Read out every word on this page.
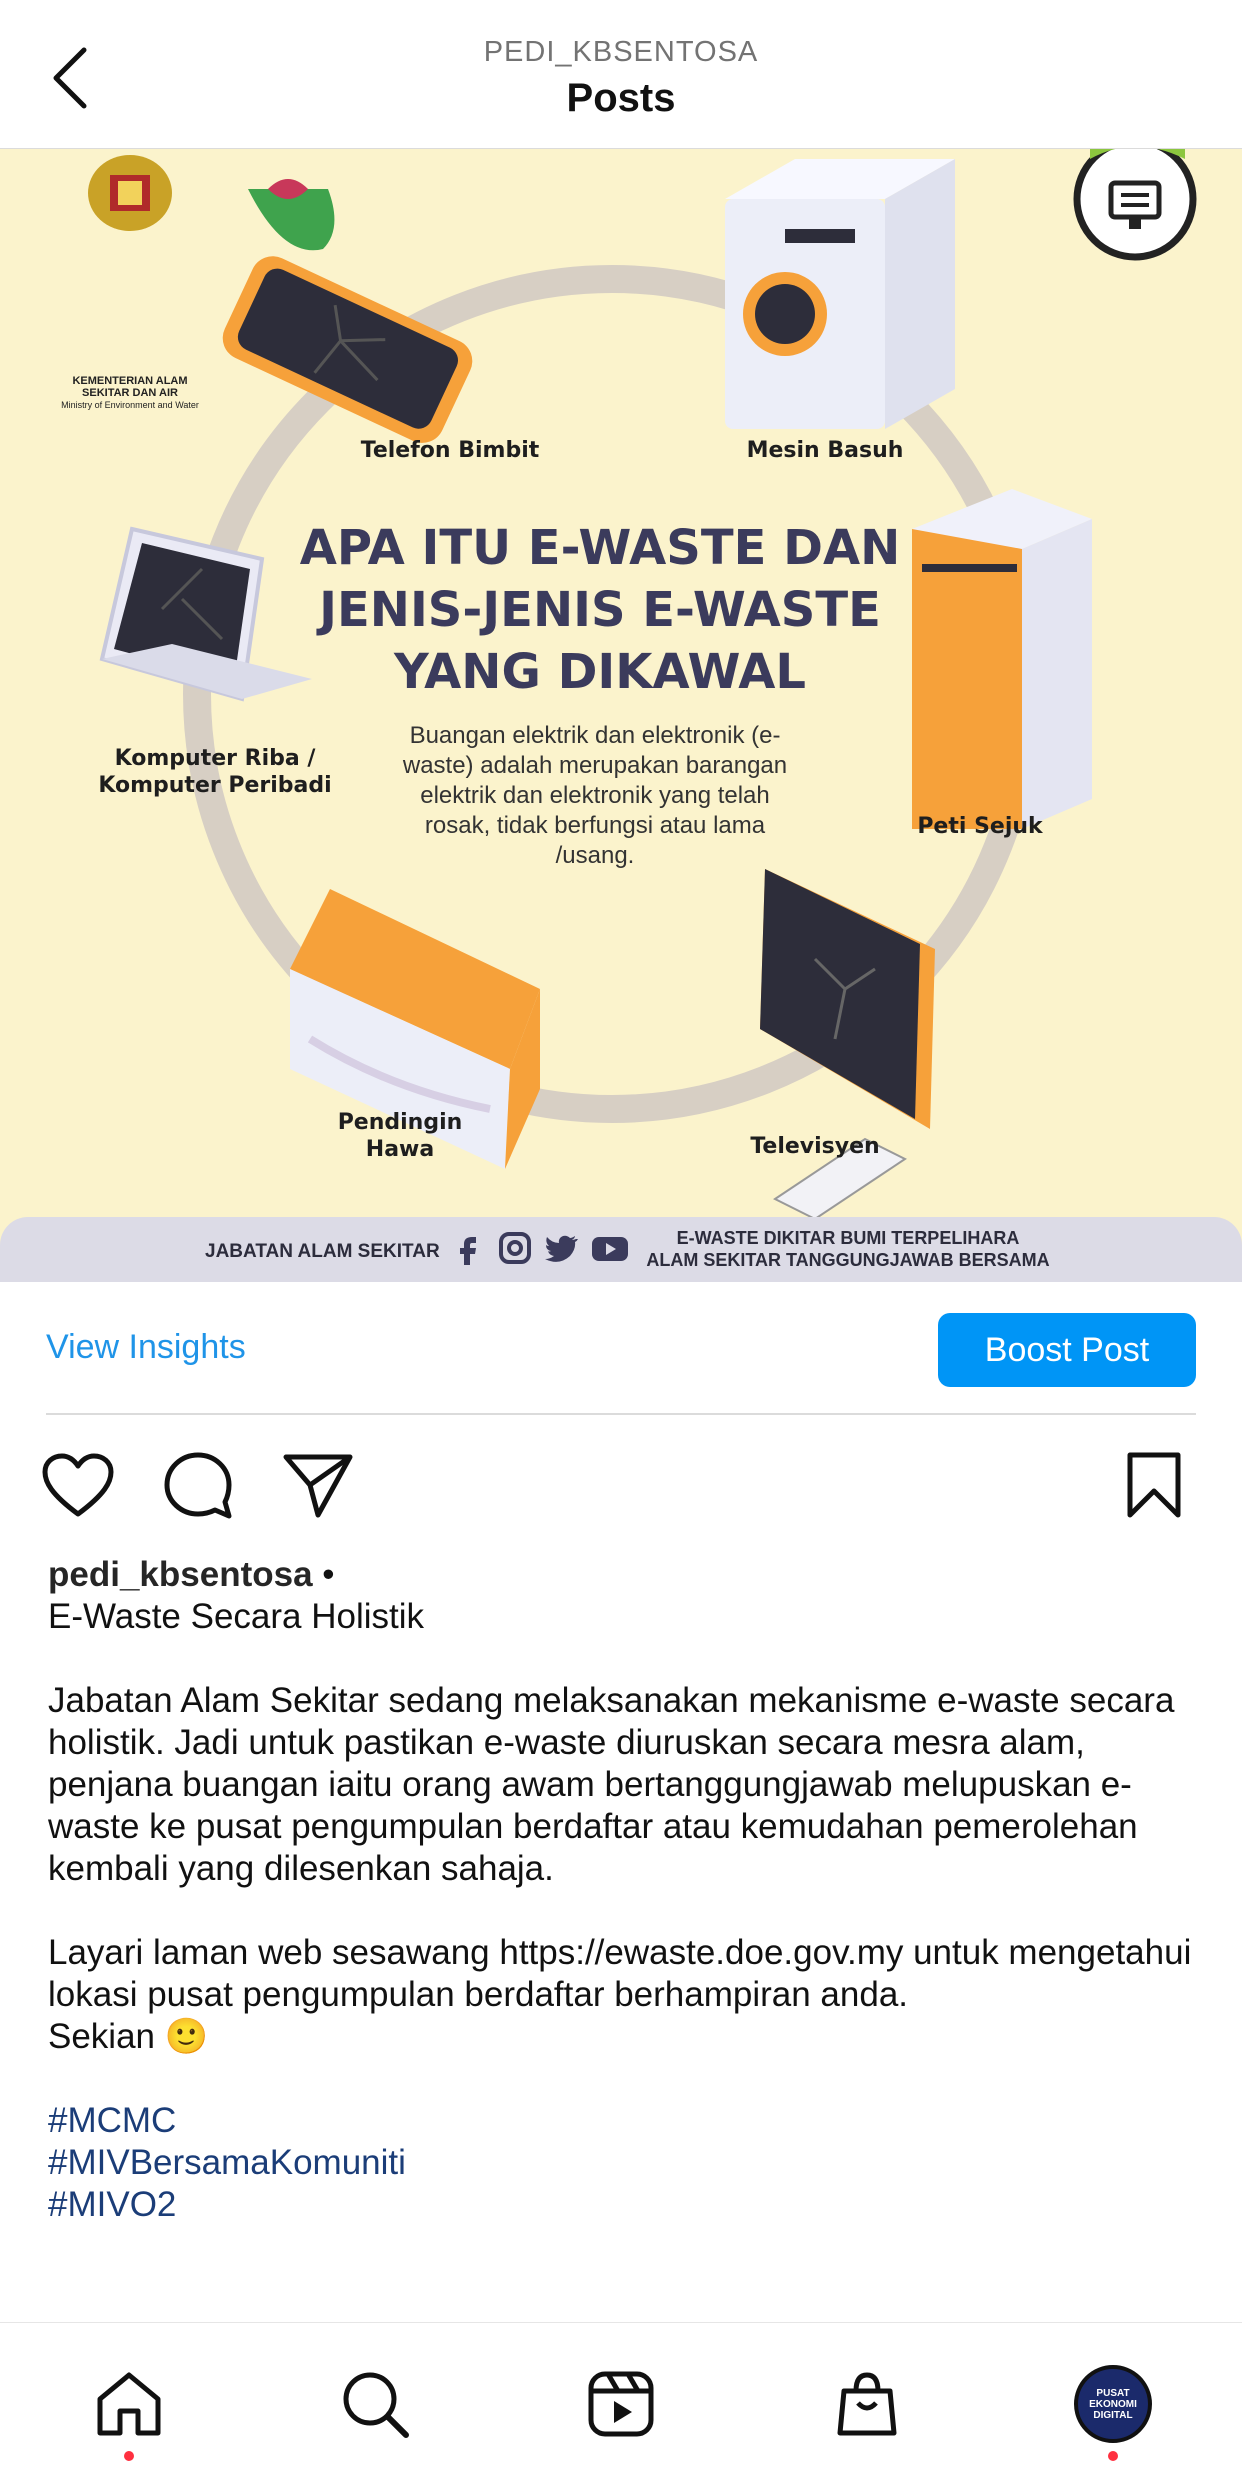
PEDI_KBSENTOSA
Posts
KEMENTERIAN ALAM SEKITAR DAN AIR
Ministry of Environment and Water
APA ITU E-WASTE DAN JENIS-JENIS E-WASTE YANG DIKAWAL
Buangan elektrik dan elektronik (e-waste) adalah merupakan barangan elektrik dan elektronik yang telah rosak, tidak berfungsi atau lama /usang.
Telefon Bimbit	Mesin Basuh
Komputer Riba / Komputer Peribadi
Peti Sejuk
Pendingin Hawa	Televisyen
JABATAN ALAM SEKITAR
E-WASTE DIKITAR BUMI TERPELIHARA
ALAM SEKITAR TANGGUNGJAWAB BERSAMA
View Insights	Boost Post
pedi_kbsentosa •

E-Waste Secara Holistik

Jabatan Alam Sekitar sedang melaksanakan mekanisme e-waste secara holistik. Jadi untuk pastikan e-waste diuruskan secara mesra alam, penjana buangan iaitu orang awam bertanggungjawab melupuskan e-waste ke pusat pengumpulan berdaftar atau kemudahan pemerolehan kembali yang dilesenkan sahaja.

Layari laman web sesawang https://ewaste.doe.gov.my untuk mengetahui lokasi pusat pengumpulan berdaftar berhampiran anda.

Sekian 🙂

#MCMC
#MIVBersamaKomuniti
#MIVO2
PUSAT EKONOMI DIGITAL
